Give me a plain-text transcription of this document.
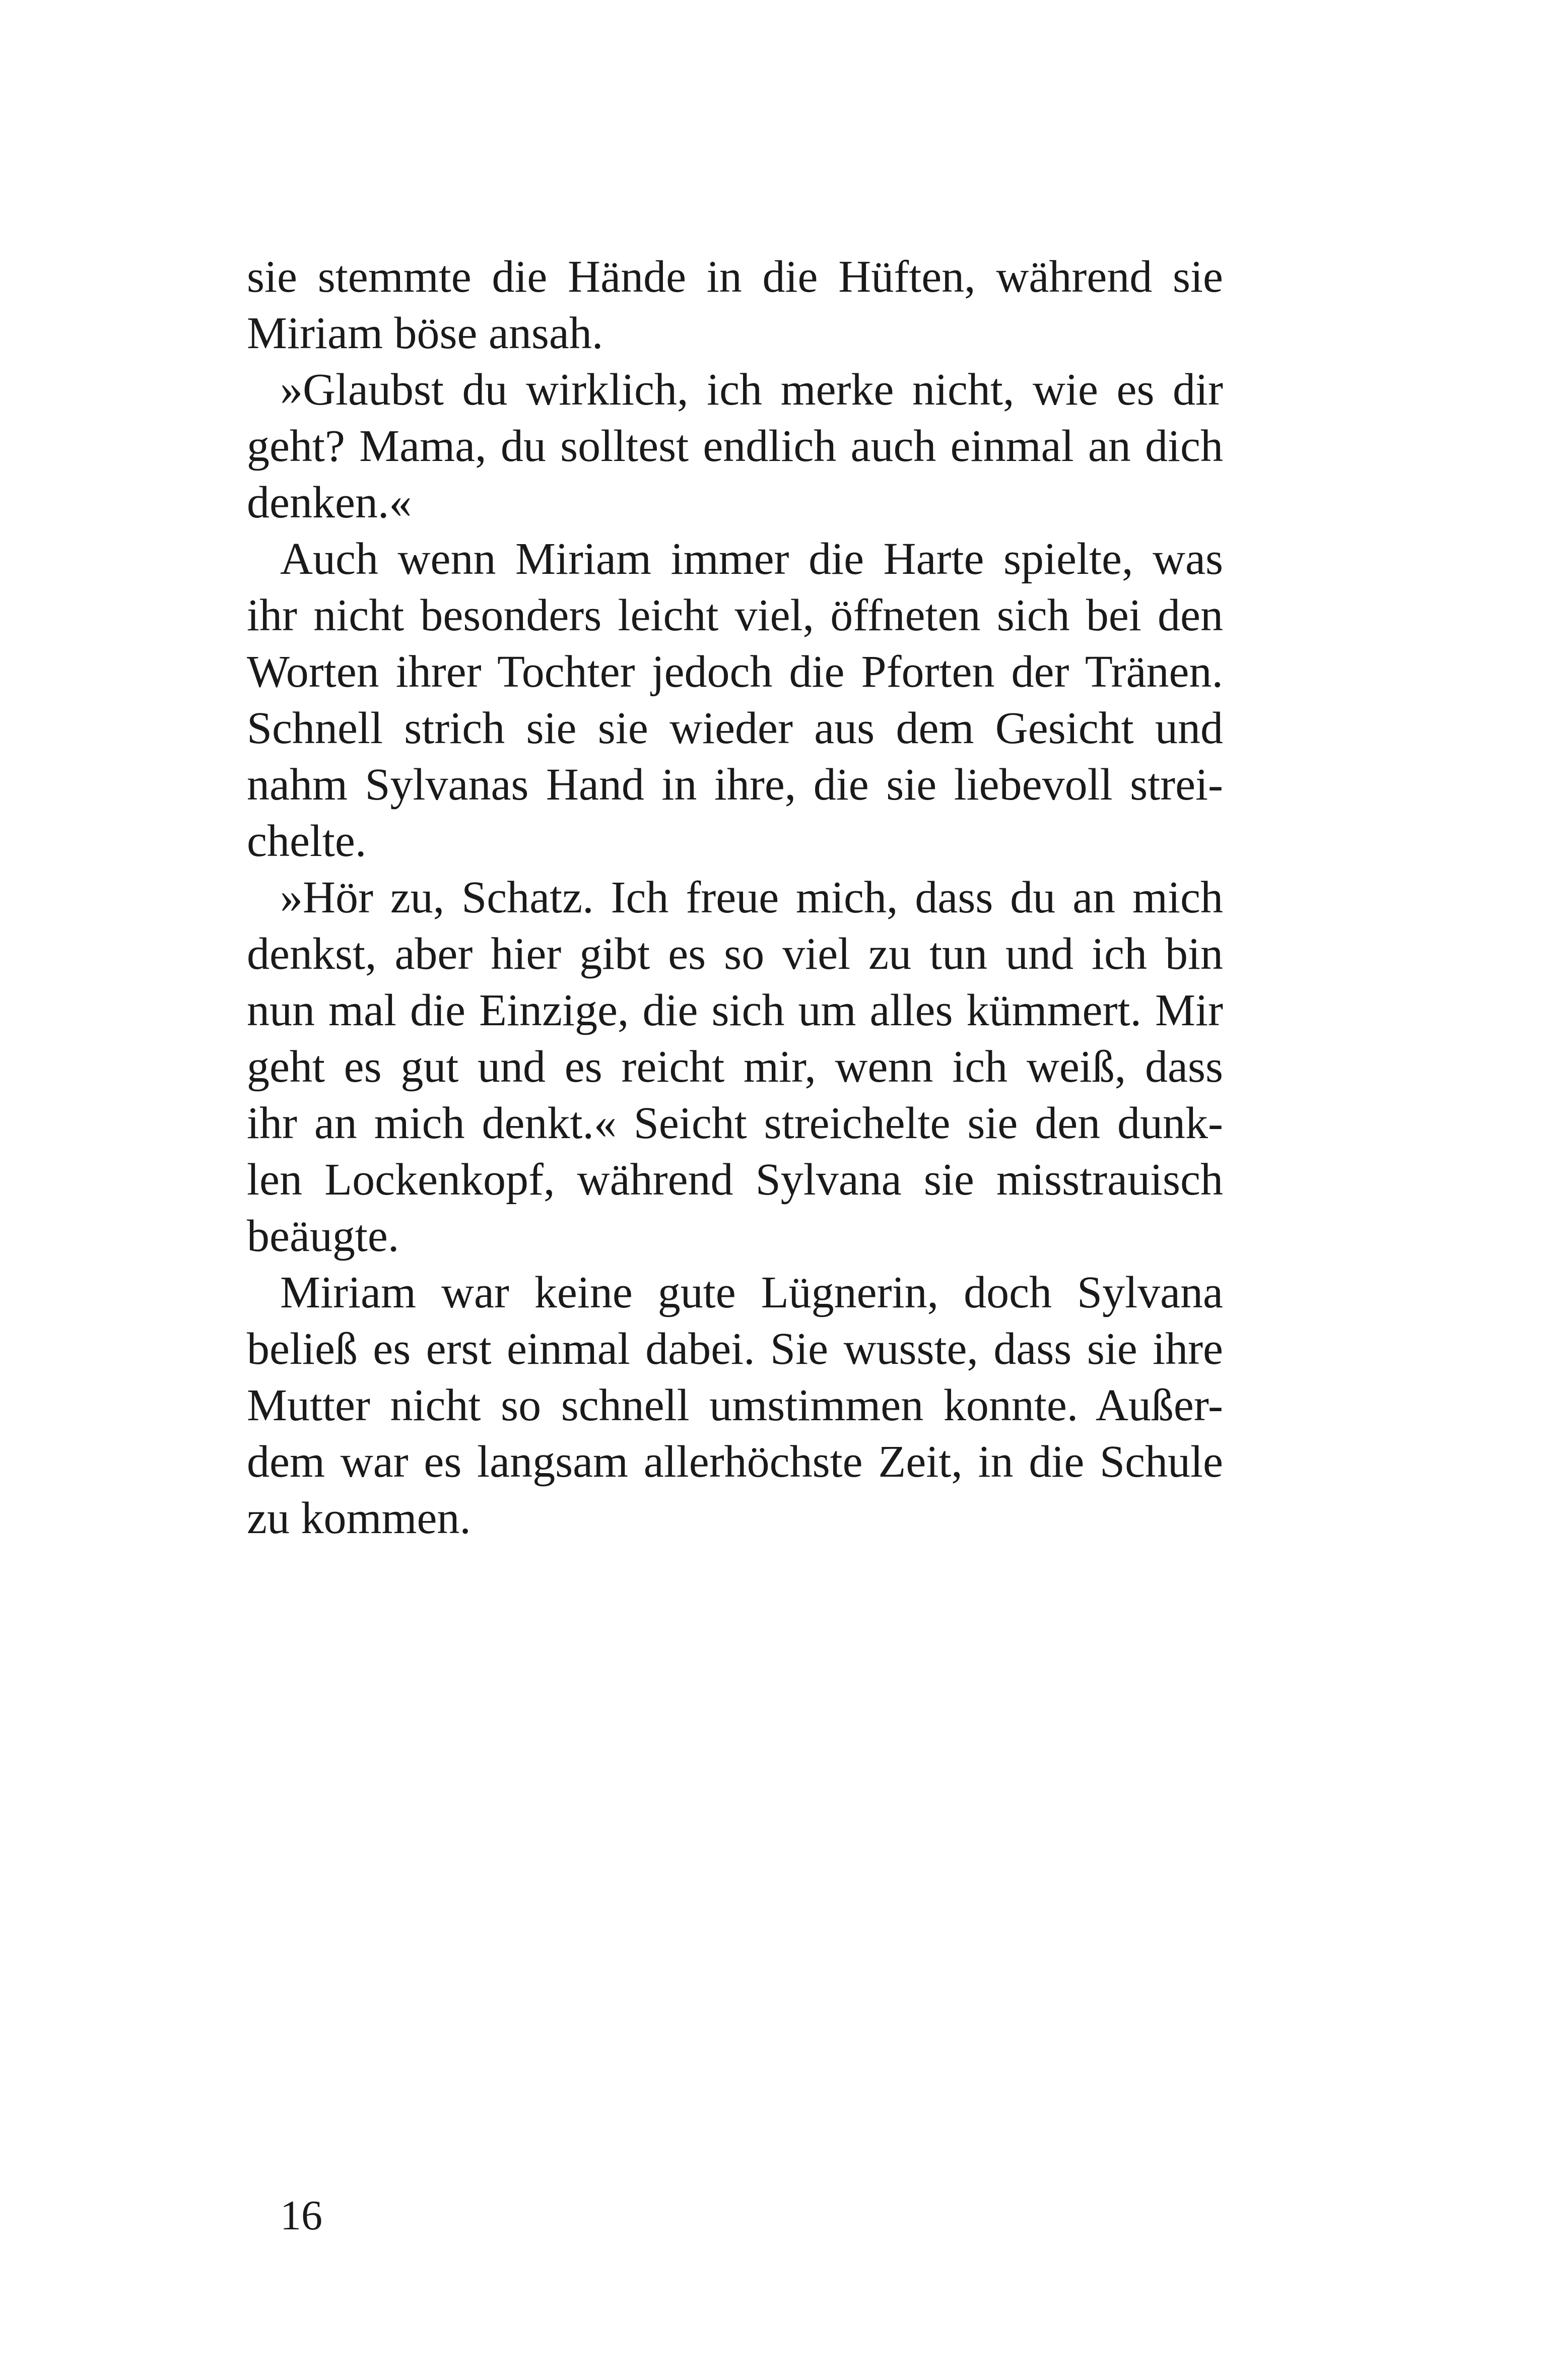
sie stemmte die Hände in die Hüften, während sie
Miriam böse ansah.
»Glaubst du wirklich, ich merke nicht, wie es dir
geht? Mama, du solltest endlich auch einmal an dich
denken.«
Auch wenn Miriam immer die Harte spielte, was
ihr nicht besonders leicht viel, öffneten sich bei den
Worten ihrer Tochter jedoch die Pforten der Tränen.
Schnell strich sie sie wieder aus dem Gesicht und
nahm Sylvanas Hand in ihre, die sie liebevoll strei-
chelte.
»Hör zu, Schatz. Ich freue mich, dass du an mich
denkst, aber hier gibt es so viel zu tun und ich bin
nun mal die Einzige, die sich um alles kümmert. Mir
geht es gut und es reicht mir, wenn ich weiß, dass
ihr an mich denkt.« Seicht streichelte sie den dunk-
len Lockenkopf, während Sylvana sie misstrauisch
beäugte.
Miriam war keine gute Lügnerin, doch Sylvana
beließ es erst einmal dabei. Sie wusste, dass sie ihre
Mutter nicht so schnell umstimmen konnte. Außer-
dem war es langsam allerhöchste Zeit, in die Schule
zu kommen.
16
